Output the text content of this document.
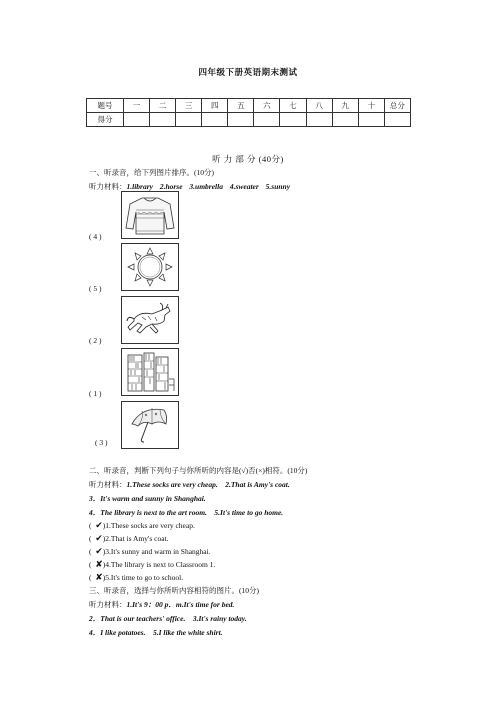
四年级下册英语期末测试
题号	一	二	三	四	五	六	七	八	九	十	总分
得分											
听 力 部 分 (40分)
一、听录音，给下列图片排序。(10分)
听力材料：1.library 2.horse 3.umbrella 4.sweater 5.sunny
( 4 )
( 5 )
( 2 )
( 1 )
( 3 )
二、听录音，判断下列句子与你所听的内容是(√)否(×)相符。(10分)
听力材料：1.These socks are very cheap.　2.That is Amy's coat.
3．It's warm and sunny in Shanghai.
4．The library is next to the art room.　5.It's time to go home.
(  ✔)1.These socks are very cheap.
(  ✔)2.That is Amy's coat.
(  ✔)3.It's sunny and warm in Shanghai.
(  ✘)4.The library is next to Classroom 1.
(  ✘)5.It's time to go to school.
三、听录音，选择与你所听内容相符的图片。(10分)
听力材料：1.It's 9：00 p．m.It's time for bed.
2．That is our teachers' office.　3.It's rainy today.
4．I like potatoes.　5.I like the white shirt.
